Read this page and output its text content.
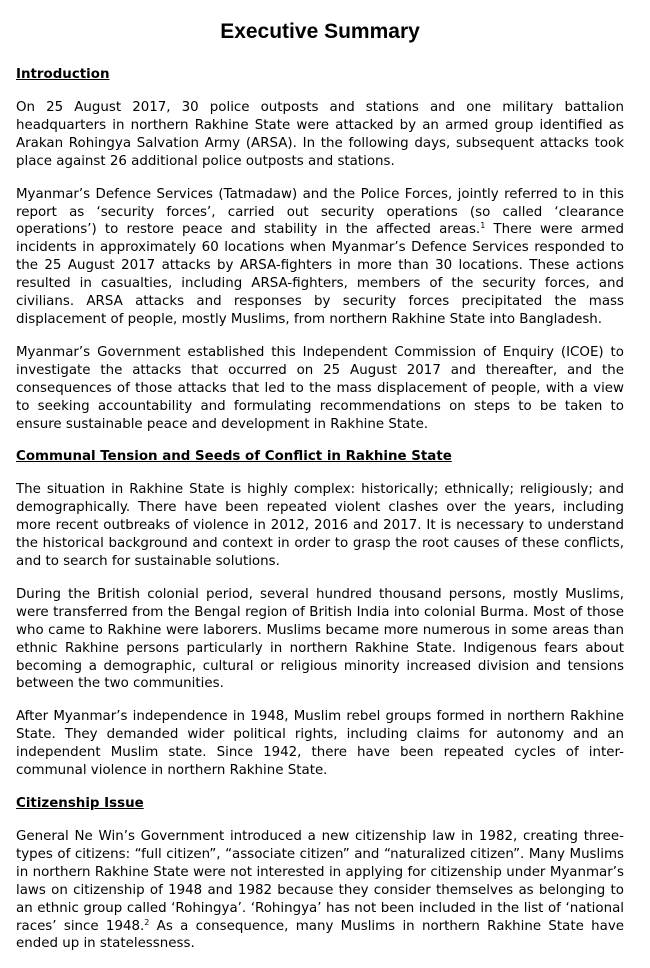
Executive Summary
Introduction

On 25 August 2017, 30 police outposts and stations and one military battalion headquarters in northern Rakhine State were attacked by an armed group identified as Arakan Rohingya Salvation Army (ARSA). In the following days, subsequent attacks took place against 26 additional police outposts and stations.

Myanmar’s Defence Services (Tatmadaw) and the Police Forces, jointly referred to in this report as ‘security forces’, carried out security operations (so called ‘clearance operations’) to restore peace and stability in the affected areas.$^1$ There were armed incidents in approximately 60 locations when Myanmar’s Defence Services responded to the 25 August 2017 attacks by ARSA-fighters in more than 30 locations. These actions resulted in casualties, including ARSA-fighters, members of the security forces, and civilians. ARSA attacks and responses by security forces precipitated the mass displacement of people, mostly Muslims, from northern Rakhine State into Bangladesh.

Myanmar’s Government established this Independent Commission of Enquiry (ICOE) to investigate the attacks that occurred on 25 August 2017 and thereafter, and the consequences of those attacks that led to the mass displacement of people, with a view to seeking accountability and formulating recommendations on steps to be taken to ensure sustainable peace and development in Rakhine State.

Communal Tension and Seeds of Conflict in Rakhine State

The situation in Rakhine State is highly complex: historically; ethnically; religiously; and demographically. There have been repeated violent clashes over the years, including more recent outbreaks of violence in 2012, 2016 and 2017. It is necessary to understand the historical background and context in order to grasp the root causes of these conflicts, and to search for sustainable solutions.

During the British colonial period, several hundred thousand persons, mostly Muslims, were transferred from the Bengal region of British India into colonial Burma. Most of those who came to Rakhine were laborers. Muslims became more numerous in some areas than ethnic Rakhine persons particularly in northern Rakhine State. Indigenous fears about becoming a demographic, cultural or religious minority increased division and tensions between the two communities.

After Myanmar’s independence in 1948, Muslim rebel groups formed in northern Rakhine State. They demanded wider political rights, including claims for autonomy and an independent Muslim state. Since 1942, there have been repeated cycles of inter-communal violence in northern Rakhine State.

Citizenship Issue

General Ne Win’s Government introduced a new citizenship law in 1982, creating three-types of citizens: “full citizen”, “associate citizen” and “naturalized citizen”. Many Muslims in northern Rakhine State were not interested in applying for citizenship under Myanmar’s laws on citizenship of 1948 and 1982 because they consider themselves as belonging to an ethnic group called ‘Rohingya’. ‘Rohingya’ has not been included in the list of ‘national races’ since 1948.$^2$ As a consequence, many Muslims in northern Rakhine State have ended up in statelessness.
